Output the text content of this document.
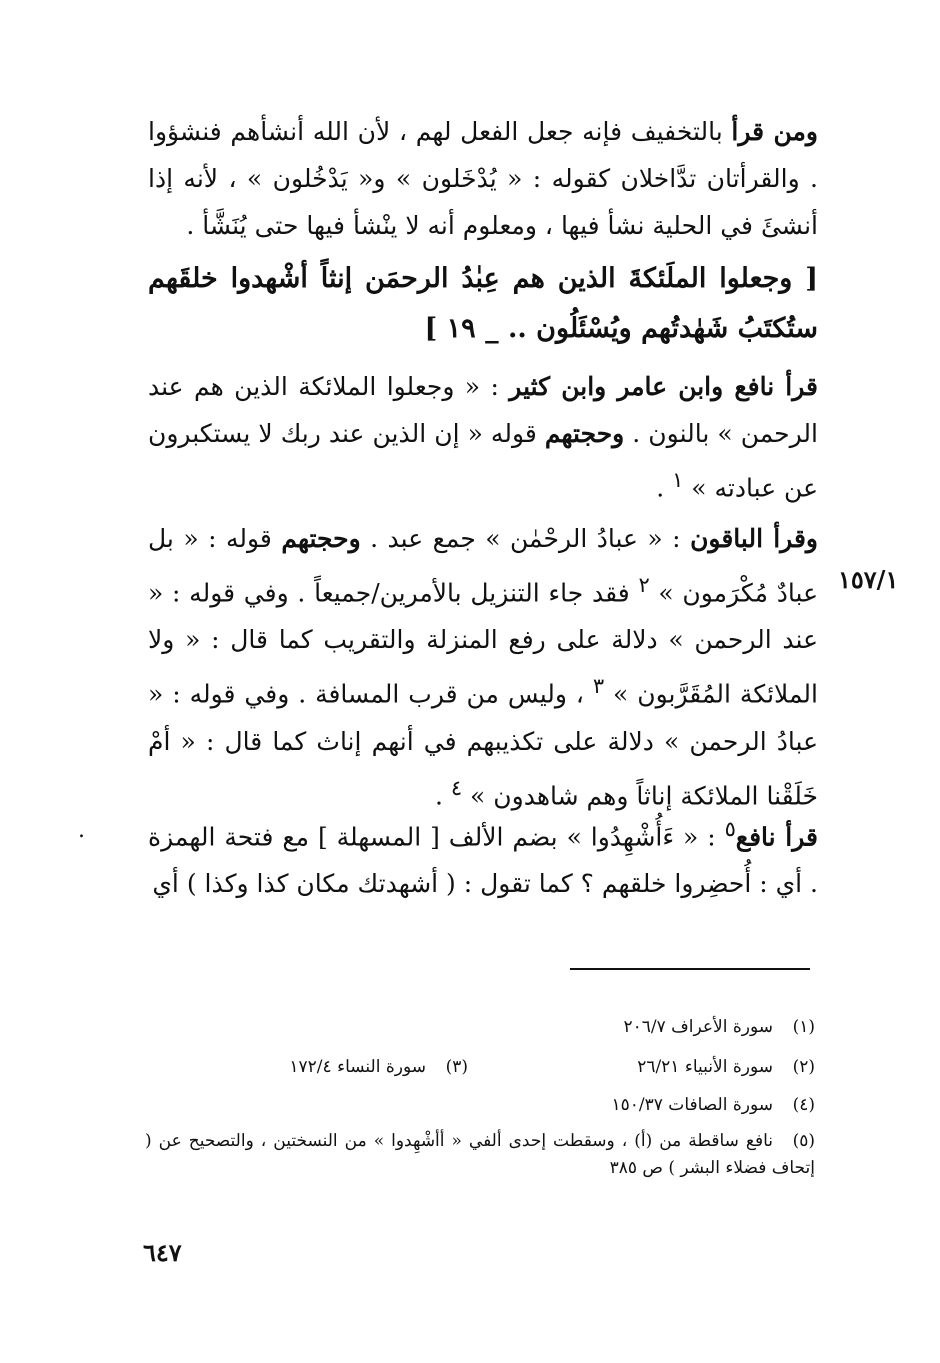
ومن قرأ بالتخفيف فإنه جعل الفعل لهم ، لأن الله أنشأهم فنشؤوا . والقرأتان تدَّاخلان كقوله : « يُدْخَلون » و« يَدْخُلون » ، لأنه إذا أنشئَ في الحلية نشأ فيها ، ومعلوم أنه لا ينْشأ فيها حتى يُنَشَّأ .

[ وجعلوا الملَئكةَ الذين هم عِبٰدُ الرحمَن إنثاً أشْهدوا خلقَهم ستُكتَبُ شَهٰدتُهم ويُسْئَلُون .. _ ١٩ ]

قرأ نافع وابن عامر وابن كثير : « وجعلوا الملائكة الذين هم عند الرحمن » بالنون . وحجتهم قوله « إن الذين عند ربك لا يستكبرون عن عبادته » $^١$ .

وقرأ الباقون : « عبادُ الرحْمٰن » جمع عبد . وحجتهم قوله : « بل عبادٌ مُكْرَمون » $^٢$ فقد جاء التنزيل بالأمرين/جميعاً . وفي قوله : « عند الرحمن » دلالة على رفع المنزلة والتقريب كما قال : « ولا الملائكة المُقَرَّبون » $^٣$ ، وليس من قرب المسافة . وفي قوله : « عبادُ الرحمن » دلالة على تكذيبهم في أنهم إناث كما قال : « أمْ خَلَقْنا الملائكة إناثاً وهم شاهدون » $^٤$ .

١٥٧/١
.	قرأ نافع$^٥$ : « ءَأُشْهِدُوا » بضم الألف [ المسهلة ] مع فتحة الهمزة . أي : أُحضِروا خلقهم ؟ كما تقول : ( أشهدتك مكان كذا وكذا ) أي

(١)سورة الأعراف ٢٠٦/٧
(٢)سورة الأنبياء ٢٦/٢١
(٣)سورة النساء ١٧٢/٤
(٤)سورة الصافات ١٥٠/٣٧
(٥)نافع ساقطة من (أ) ، وسقطت إحدى ألفي « أأشْهِدوا » من النسختين ، والتصحيح عن ( إتحاف فضلاء البشر ) ص ٣٨٥
٦٤٧
